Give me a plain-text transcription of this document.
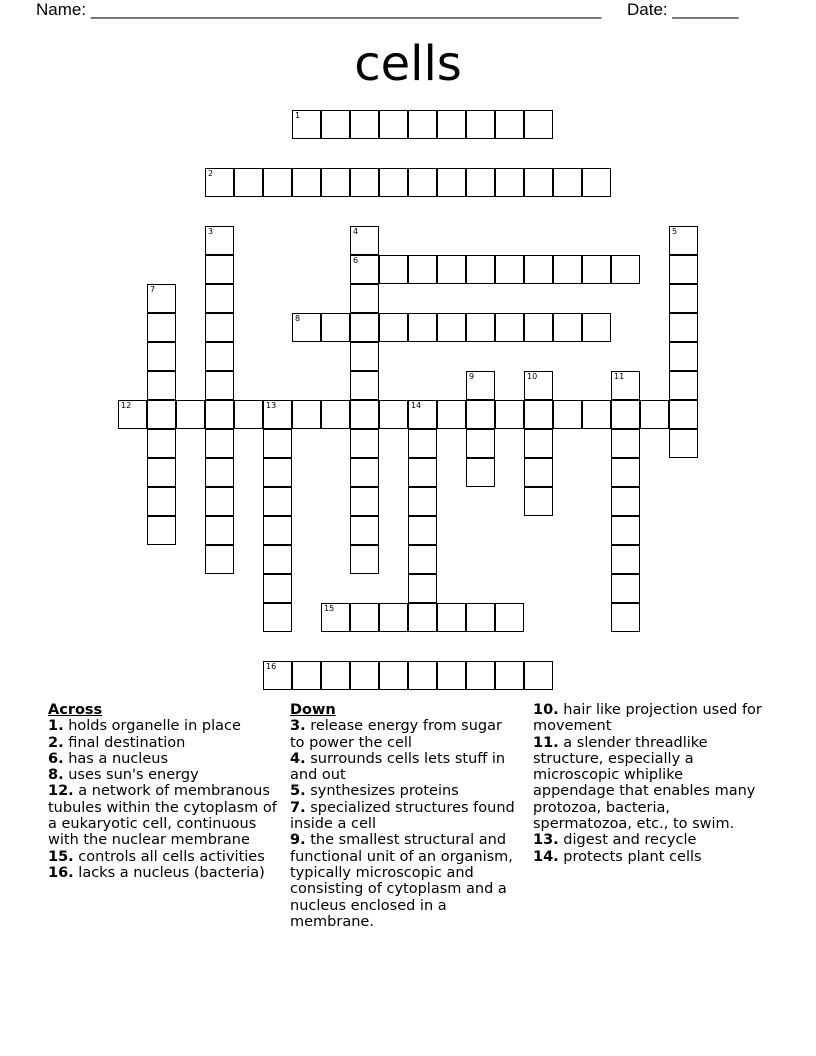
Name: ______________________________________________________ Date: _______
cells
1
2
3	4
6
5
7
8
9	10	11
12	13	14
15
16
Across
1. holds organelle in place
2. final destination
6. has a nucleus
8. uses sun's energy
12. a network of membranous tubules within the cytoplasm of a eukaryotic cell, continuous with the nuclear membrane
15. controls all cells activities
16. lacks a nucleus (bacteria)
Down
3. release energy from sugar to power the cell
4. surrounds cells lets stuff in and out
5. synthesizes proteins
7. specialized structures found inside a cell
9. the smallest structural and functional unit of an organism, typically microscopic and consisting of cytoplasm and a nucleus enclosed in a membrane.
10. hair like projection used for movement
11. a slender threadlike structure, especially a microscopic whiplike appendage that enables many protozoa, bacteria, spermatozoa, etc., to swim.
13. digest and recycle
14. protects plant cells
